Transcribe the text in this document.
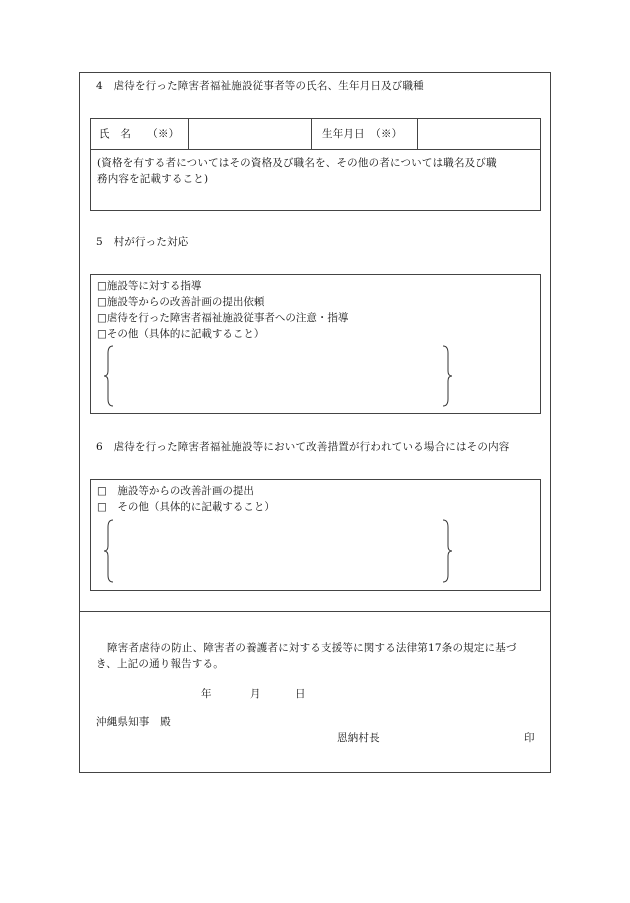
4　虐待を行った障害者福祉施設従事者等の氏名、生年月日及び職種
氏　名　　（※）	生年月日　（※）
(資格を有する者についてはその資格及び職名を、その他の者については職名及び職
務内容を記載すること)
5　村が行った対応
□施設等に対する指導
□施設等からの改善計画の提出依頼
□虐待を行った障害者福祉施設従事者への注意・指導
□その他（具体的に記載すること）
6　虐待を行った障害者福祉施設等において改善措置が行われている場合にはその内容
□　施設等からの改善計画の提出
□　その他（具体的に記載すること）
障害者虐待の防止、障害者の養護者に対する支援等に関する法律第17条の規定に基づ
き、上記の通り報告する。
年	月	日
沖縄県知事　殿
恩納村長	印
